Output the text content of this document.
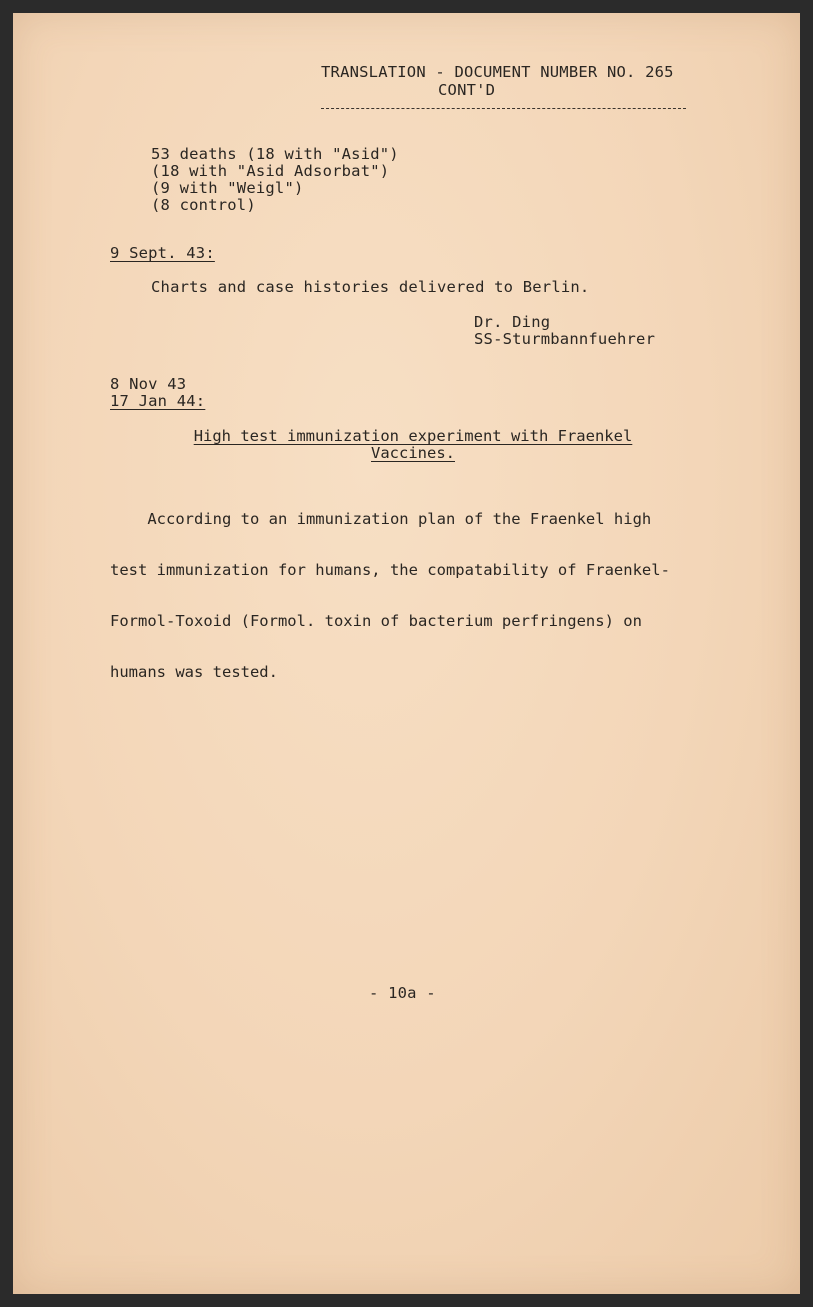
TRANSLATION - DOCUMENT NUMBER NO. 265
CONT'D
53 deaths (18 with "Asid")
(18 with "Asid Adsorbat")
(9 with "Weigl")
(8 control)
9 Sept. 43:
Charts and case histories delivered to Berlin.
Dr. Ding
SS-Sturmbannfuehrer
8 Nov 43
17 Jan 44:
High test immunization experiment with Fraenkel
Vaccines.

According to an immunization plan of the Fraenkel high

test immunization for humans, the compatability of Fraenkel-

Formol-Toxoid (Formol. toxin of bacterium perfringens) on

humans was tested.

- 10a -
